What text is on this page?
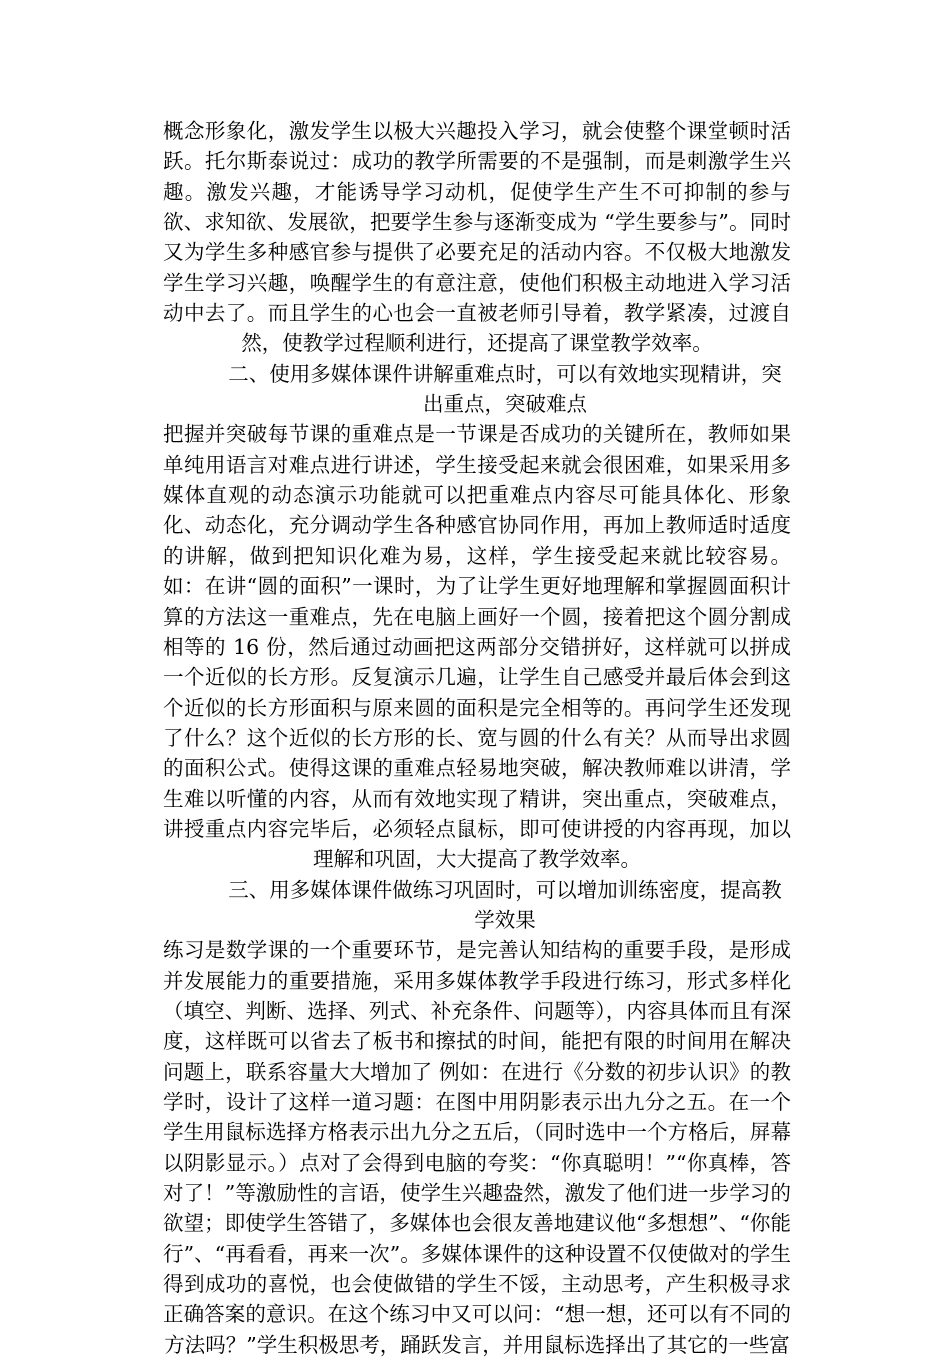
概念形象化，激发学生以极大兴趣投入学习，就会使整个课堂顿时活跃。托尔斯泰说过：成功的教学所需要的不是强制，而是刺激学生兴趣。激发兴趣，才能诱导学习动机，促使学生产生不可抑制的参与欲、求知欲、发展欲，把要学生参与逐渐变成为 “学生要参与”。同时又为学生多种感官参与提供了必要充足的活动内容。不仅极大地激发学生学习兴趣，唤醒学生的有意注意，使他们积极主动地进入学习活动中去了。而且学生的心也会一直被老师引导着，教学紧凑，过渡自然，使教学过程顺利进行，还提高了课堂教学效率。

二、使用多媒体课件讲解重难点时，可以有效地实现精讲，突出重点，突破难点

把握并突破每节课的重难点是一节课是否成功的关键所在，教师如果单纯用语言对难点进行讲述，学生接受起来就会很困难，如果采用多媒体直观的动态演示功能就可以把重难点内容尽可能具体化、形象化、动态化，充分调动学生各种感官协同作用，再加上教师适时适度的讲解，做到把知识化难为易，这样，学生接受起来就比较容易。如：在讲“圆的面积”一课时，为了让学生更好地理解和掌握圆面积计算的方法这一重难点，先在电脑上画好一个圆，接着把这个圆分割成相等的 16 份，然后通过动画把这两部分交错拼好，这样就可以拼成一个近似的长方形。反复演示几遍，让学生自己感受并最后体会到这个近似的长方形面积与原来圆的面积是完全相等的。再问学生还发现了什么？这个近似的长方形的长、宽与圆的什么有关？从而导出求圆的面积公式。使得这课的重难点轻易地突破，解决教师难以讲清，学生难以听懂的内容，从而有效地实现了精讲，突出重点，突破难点，讲授重点内容完毕后，必须轻点鼠标，即可使讲授的内容再现，加以理解和巩固，大大提高了教学效率。

三、用多媒体课件做练习巩固时，可以增加训练密度，提高教学效果

练习是数学课的一个重要环节，是完善认知结构的重要手段，是形成并发展能力的重要措施，采用多媒体教学手段进行练习，形式多样化（填空、判断、选择、列式、补充条件、问题等），内容具体而且有深度，这样既可以省去了板书和擦拭的时间，能把有限的时间用在解决问题上，联系容量大大增加了 例如：在进行《分数的初步认识》的教学时，设计了这样一道习题：在图中用阴影表示出九分之五。在一个学生用鼠标选择方格表示出九分之五后，（同时选中一个方格后，屏幕以阴影显示。）点对了会得到电脑的夸奖：“你真聪明！”“你真棒，答对了！”等激励性的言语，使学生兴趣盎然，激发了他们进一步学习的欲望；即使学生答错了，多媒体也会很友善地建议他“多想想”、“你能行”、“再看看，再来一次”。多媒体课件的这种设置不仅使做对的学生得到成功的喜悦，也会使做错的学生不馁，主动思考，产生积极寻求正确答案的意识。在这个练习中又可以问：“想一想，还可以有不同的方法吗？”学生积极思考，踊跃发言，并用鼠标选择出了其它的一些富
